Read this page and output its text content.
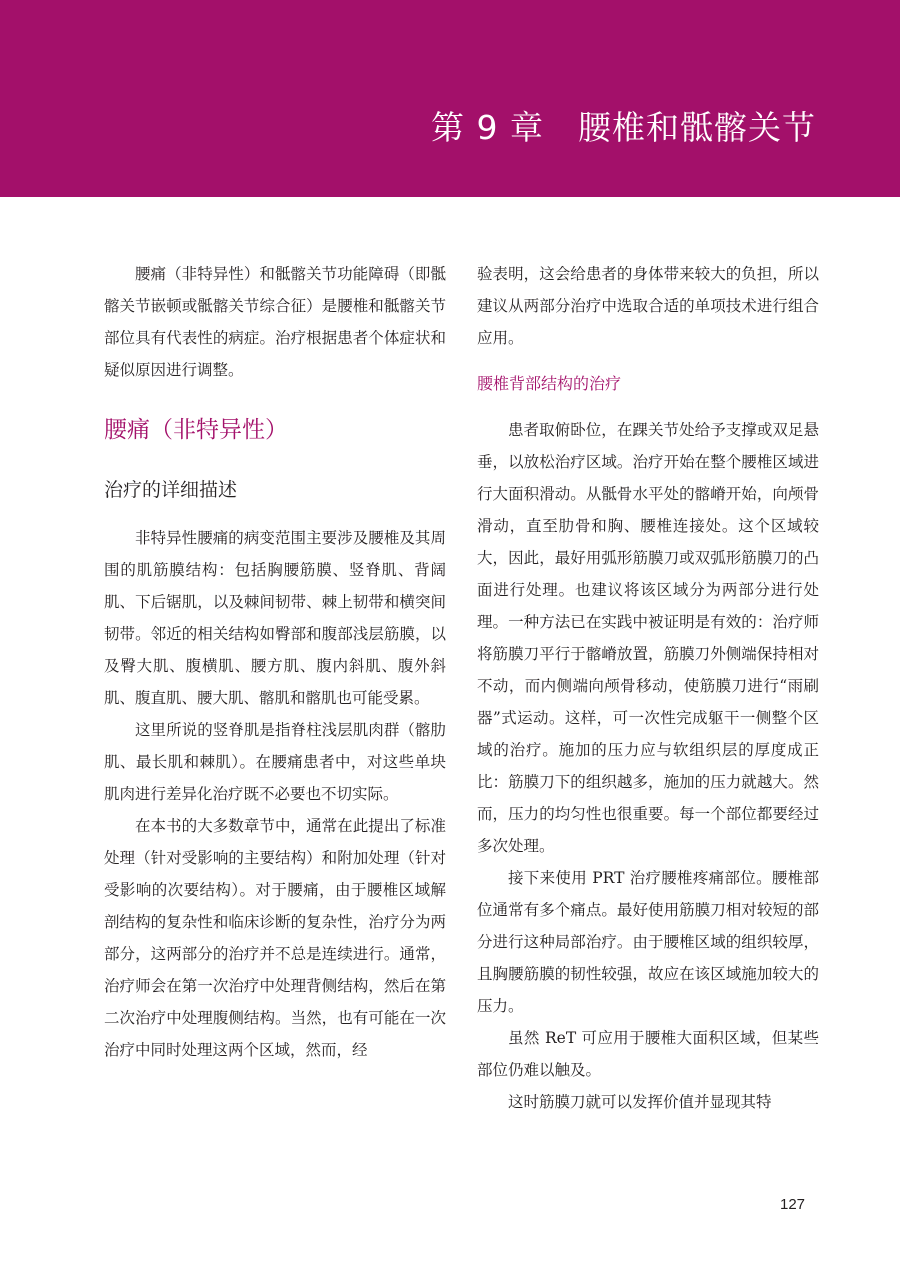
第 9 章 腰椎和骶髂关节

腰痛（非特异性）和骶髂关节功能障碍（即骶髂关节嵌顿或骶髂关节综合征）是腰椎和骶髂关节部位具有代表性的病症。治疗根据患者个体症状和疑似原因进行调整。

腰痛（非特异性）
治疗的详细描述

非特异性腰痛的病变范围主要涉及腰椎及其周围的肌筋膜结构：包括胸腰筋膜、竖脊肌、背阔肌、下后锯肌，以及棘间韧带、棘上韧带和横突间韧带。邻近的相关结构如臀部和腹部浅层筋膜，以及臀大肌、腹横肌、腰方肌、腹内斜肌、腹外斜肌、腹直肌、腰大肌、髂肌和髂肌也可能受累。

这里所说的竖脊肌是指脊柱浅层肌肉群（髂肋肌、最长肌和棘肌）。在腰痛患者中，对这些单块肌肉进行差异化治疗既不必要也不切实际。

在本书的大多数章节中，通常在此提出了标准处理（针对受影响的主要结构）和附加处理（针对受影响的次要结构）。对于腰痛，由于腰椎区域解剖结构的复杂性和临床诊断的复杂性，治疗分为两部分，这两部分的治疗并不总是连续进行。通常，治疗师会在第一次治疗中处理背侧结构，然后在第二次治疗中处理腹侧结构。当然，也有可能在一次治疗中同时处理这两个区域，然而，经

验表明，这会给患者的身体带来较大的负担，所以建议从两部分治疗中选取合适的单项技术进行组合应用。

腰椎背部结构的治疗

患者取俯卧位，在踝关节处给予支撑或双足悬垂，以放松治疗区域。治疗开始在整个腰椎区域进行大面积滑动。从骶骨水平处的髂嵴开始，向颅骨滑动，直至肋骨和胸、腰椎连接处。这个区域较大，因此，最好用弧形筋膜刀或双弧形筋膜刀的凸面进行处理。也建议将该区域分为两部分进行处理。一种方法已在实践中被证明是有效的：治疗师将筋膜刀平行于髂嵴放置，筋膜刀外侧端保持相对不动，而内侧端向颅骨移动，使筋膜刀进行“雨刷器”式运动。这样，可一次性完成躯干一侧整个区域的治疗。施加的压力应与软组织层的厚度成正比：筋膜刀下的组织越多，施加的压力就越大。然而，压力的均匀性也很重要。每一个部位都要经过多次处理。

接下来使用 PRT 治疗腰椎疼痛部位。腰椎部位通常有多个痛点。最好使用筋膜刀相对较短的部分进行这种局部治疗。由于腰椎区域的组织较厚，且胸腰筋膜的韧性较强，故应在该区域施加较大的压力。

虽然 ReT 可应用于腰椎大面积区域，但某些部位仍难以触及。

这时筋膜刀就可以发挥价值并显现其特

127
